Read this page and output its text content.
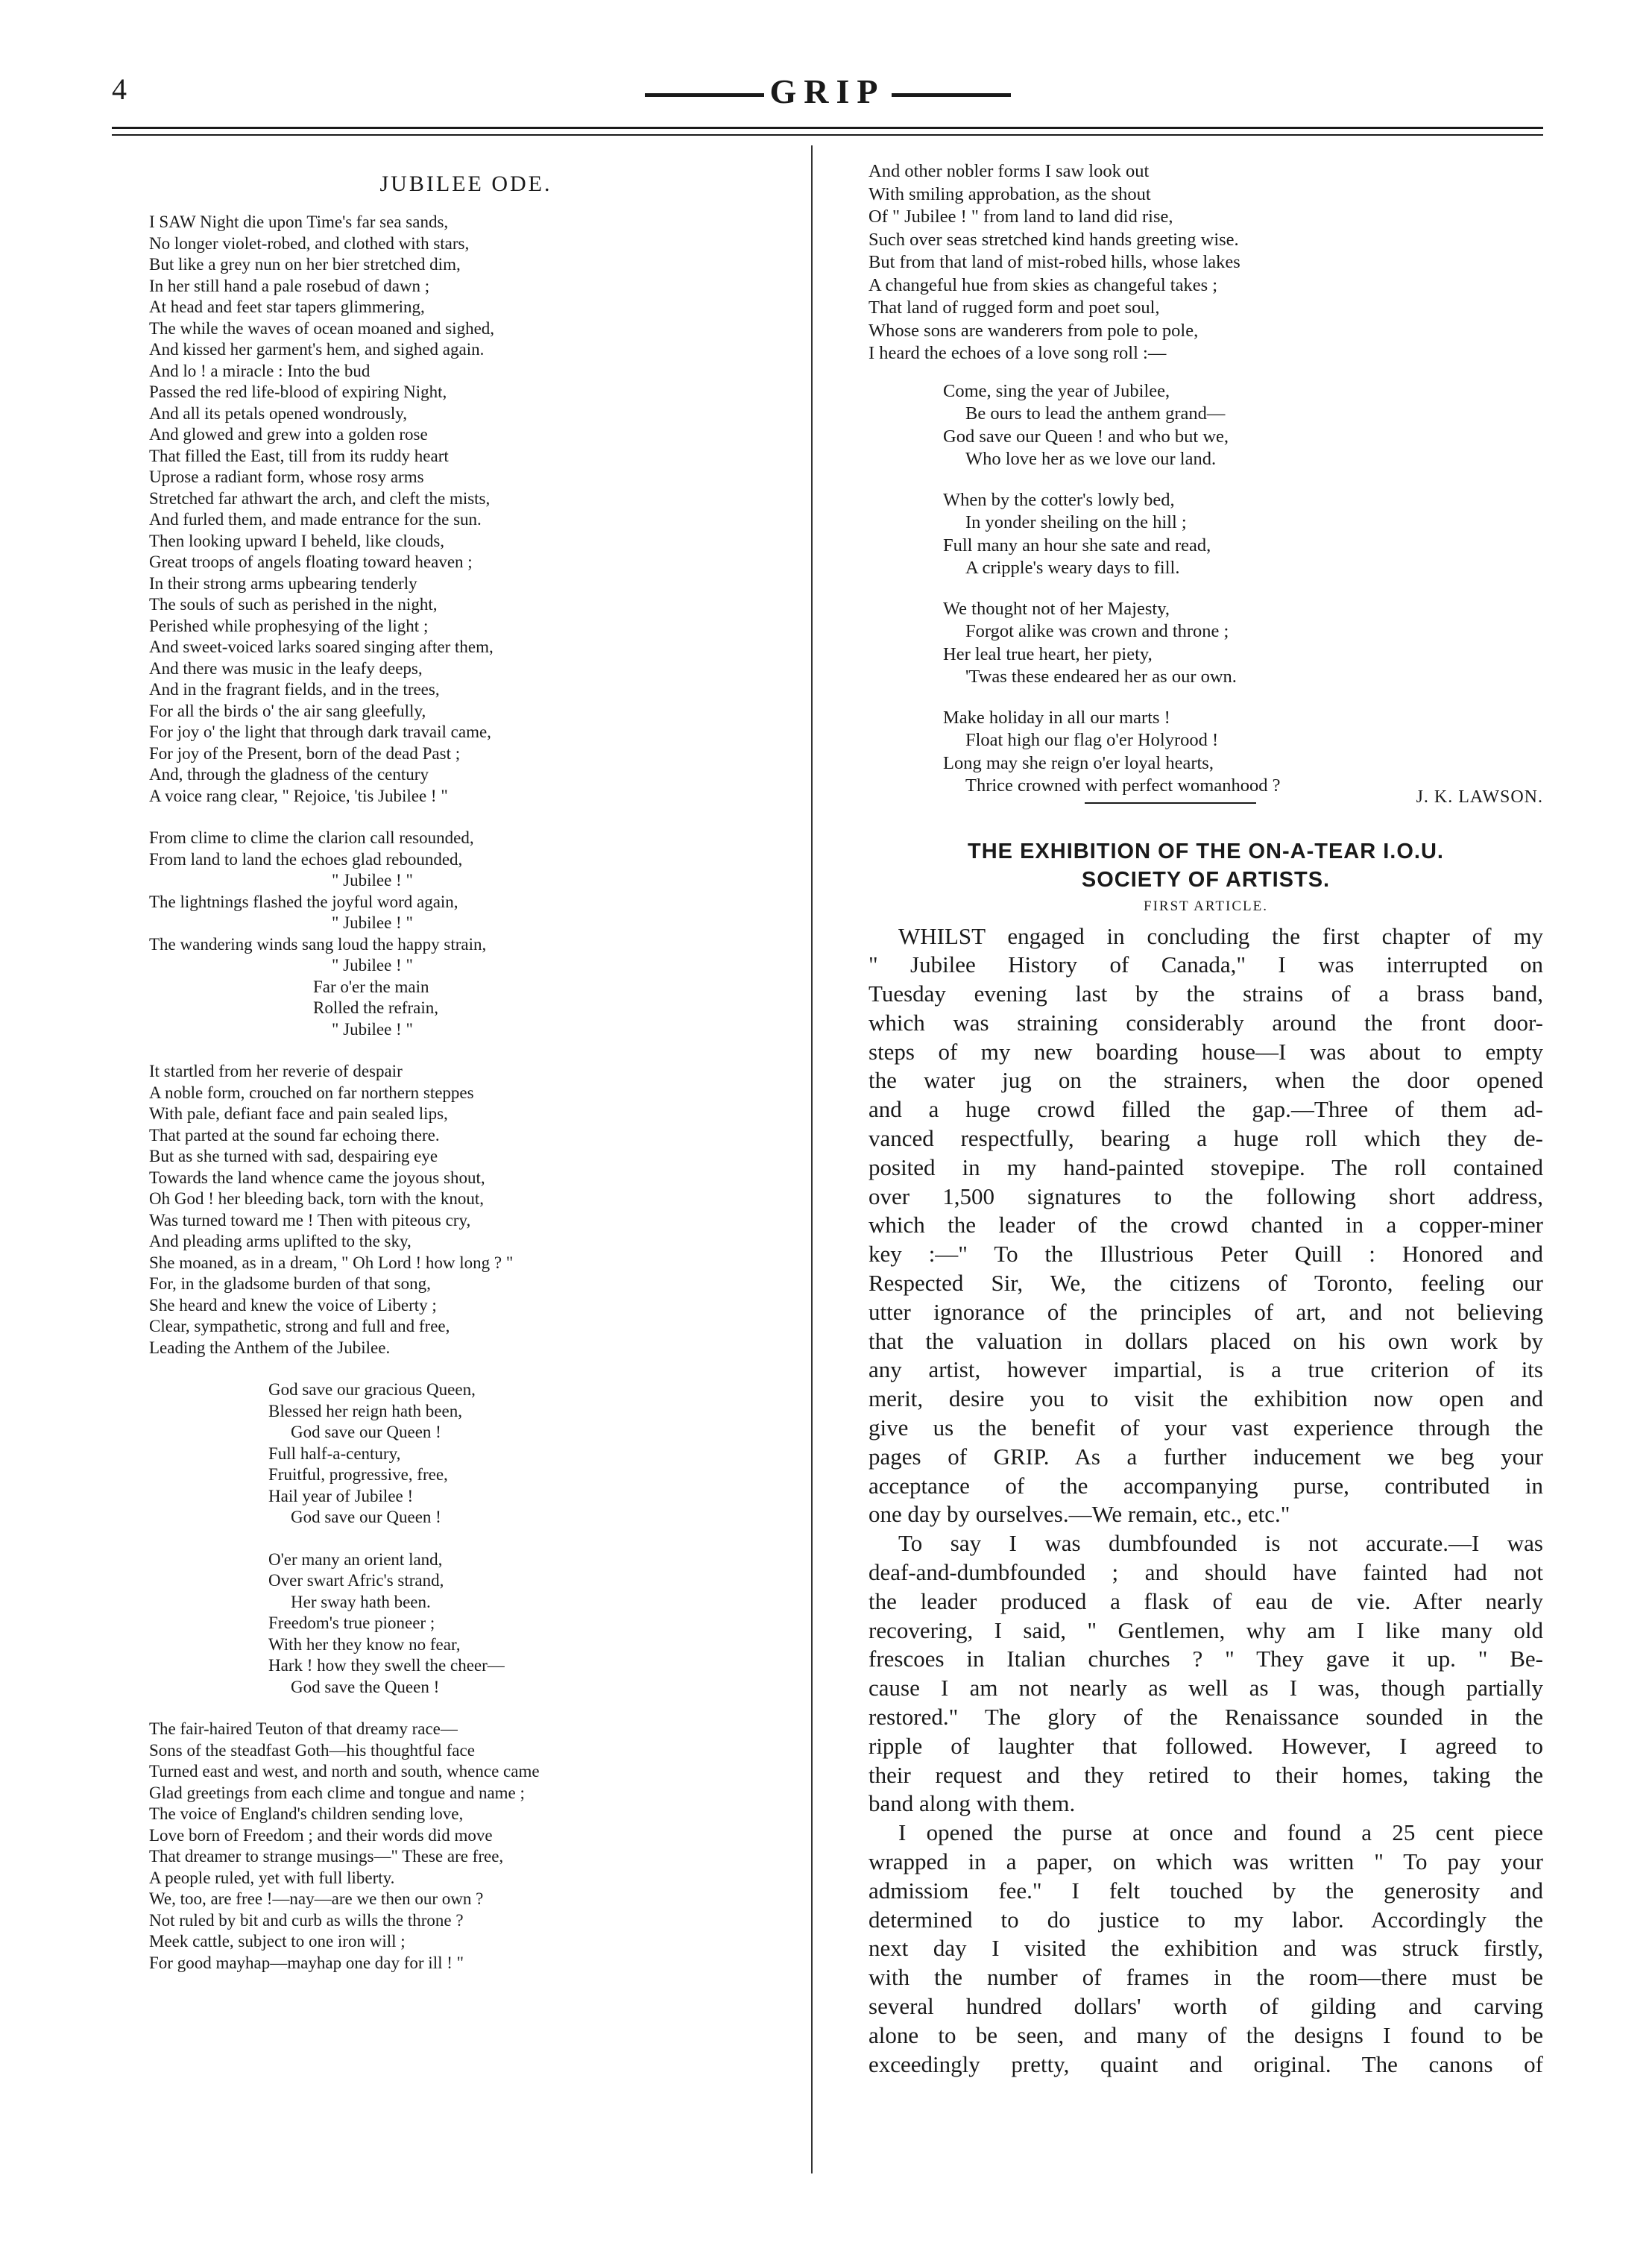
4	GRIP
JUBILEE ODE.
I SAW Night die upon Time's far sea sands,
No longer violet-robed, and clothed with stars,
But like a grey nun on her bier stretched dim,
In her still hand a pale rosebud of dawn ;
At head and feet star tapers glimmering,
The while the waves of ocean moaned and sighed,
And kissed her garment's hem, and sighed again.
And lo ! a miracle : Into the bud
Passed the red life-blood of expiring Night,
And all its petals opened wondrously,
And glowed and grew into a golden rose
That filled the East, till from its ruddy heart
Uprose a radiant form, whose rosy arms
Stretched far athwart the arch, and cleft the mists,
And furled them, and made entrance for the sun.
Then looking upward I beheld, like clouds,
Great troops of angels floating toward heaven ;
In their strong arms upbearing tenderly
The souls of such as perished in the night,
Perished while prophesying of the light ;
And sweet-voiced larks soared singing after them,
And there was music in the leafy deeps,
And in the fragrant fields, and in the trees,
For all the birds o' the air sang gleefully,
For joy o' the light that through dark travail came,
For joy of the Present, born of the dead Past ;
And, through the gladness of the century
A voice rang clear, " Rejoice, 'tis Jubilee ! "
From clime to clime the clarion call resounded,
From land to land the echoes glad rebounded,
" Jubilee ! "
The lightnings flashed the joyful word again,
" Jubilee ! "
The wandering winds sang loud the happy strain,
" Jubilee ! "
Far o'er the main
Rolled the refrain,
" Jubilee ! "
It startled from her reverie of despair
A noble form, crouched on far northern steppes
With pale, defiant face and pain sealed lips,
That parted at the sound far echoing there.
But as she turned with sad, despairing eye
Towards the land whence came the joyous shout,
Oh God ! her bleeding back, torn with the knout,
Was turned toward me ! Then with piteous cry,
And pleading arms uplifted to the sky,
She moaned, as in a dream, " Oh Lord ! how long ? "
For, in the gladsome burden of that song,
She heard and knew the voice of Liberty ;
Clear, sympathetic, strong and full and free,
Leading the Anthem of the Jubilee.
God save our gracious Queen,
Blessed her reign hath been,
God save our Queen !
Full half-a-century,
Fruitful, progressive, free,
Hail year of Jubilee !
God save our Queen !
O'er many an orient land,
Over swart Afric's strand,
Her sway hath been.
Freedom's true pioneer ;
With her they know no fear,
Hark ! how they swell the cheer—
God save the Queen !
The fair-haired Teuton of that dreamy race—
Sons of the steadfast Goth—his thoughtful face
Turned east and west, and north and south, whence came
Glad greetings from each clime and tongue and name ;
The voice of England's children sending love,
Love born of Freedom ; and their words did move
That dreamer to strange musings—" These are free,
A people ruled, yet with full liberty.
We, too, are free !—nay—are we then our own ?
Not ruled by bit and curb as wills the throne ?
Meek cattle, subject to one iron will ;
For good mayhap—mayhap one day for ill ! "
And other nobler forms I saw look out
With smiling approbation, as the shout
Of " Jubilee ! " from land to land did rise,
Such over seas stretched kind hands greeting wise.
But from that land of mist-robed hills, whose lakes
A changeful hue from skies as changeful takes ;
That land of rugged form and poet soul,
Whose sons are wanderers from pole to pole,
I heard the echoes of a love song roll :—
Come, sing the year of Jubilee,
Be ours to lead the anthem grand—
God save our Queen ! and who but we,
Who love her as we love our land.
When by the cotter's lowly bed,
In yonder sheiling on the hill ;
Full many an hour she sate and read,
A cripple's weary days to fill.
We thought not of her Majesty,
Forgot alike was crown and throne ;
Her leal true heart, her piety,
'Twas these endeared her as our own.
Make holiday in all our marts !
Float high our flag o'er Holyrood !
Long may she reign o'er loyal hearts,
Thrice crowned with perfect womanhood ?
J. K. LAWSON.
THE EXHIBITION OF THE ON-A-TEAR I.O.U.
SOCIETY OF ARTISTS.
FIRST ARTICLE.
WHILST engaged in concluding the first chapter of my
" Jubilee History of Canada," I was interrupted on
Tuesday evening last by the strains of a brass band,
which was straining considerably around the front door-
steps of my new boarding house—I was about to empty
the water jug on the strainers, when the door opened
and a huge crowd filled the gap.—Three of them ad-
vanced respectfully, bearing a huge roll which they de-
posited in my hand-painted stovepipe. The roll contained
over 1,500 signatures to the following short address,
which the leader of the crowd chanted in a copper-miner
key :—" To the Illustrious Peter Quill : Honored and
Respected Sir, We, the citizens of Toronto, feeling our
utter ignorance of the principles of art, and not believing
that the valuation in dollars placed on his own work by
any artist, however impartial, is a true criterion of its
merit, desire you to visit the exhibition now open and
give us the benefit of your vast experience through the
pages of GRIP. As a further inducement we beg your
acceptance of the accompanying purse, contributed in
one day by ourselves.—We remain, etc., etc."
To say I was dumbfounded is not accurate.—I was
deaf-and-dumbfounded ; and should have fainted had not
the leader produced a flask of eau de vie. After nearly
recovering, I said, " Gentlemen, why am I like many old
frescoes in Italian churches ? " They gave it up. " Be-
cause I am not nearly as well as I was, though partially
restored." The glory of the Renaissance sounded in the
ripple of laughter that followed. However, I agreed to
their request and they retired to their homes, taking the
band along with them.
I opened the purse at once and found a 25 cent piece
wrapped in a paper, on which was written " To pay your
admissiom fee." I felt touched by the generosity and
determined to do justice to my labor. Accordingly the
next day I visited the exhibition and was struck firstly,
with the number of frames in the room—there must be
several hundred dollars' worth of gilding and carving
alone to be seen, and many of the designs I found to be
exceedingly pretty, quaint and original. The canons of
